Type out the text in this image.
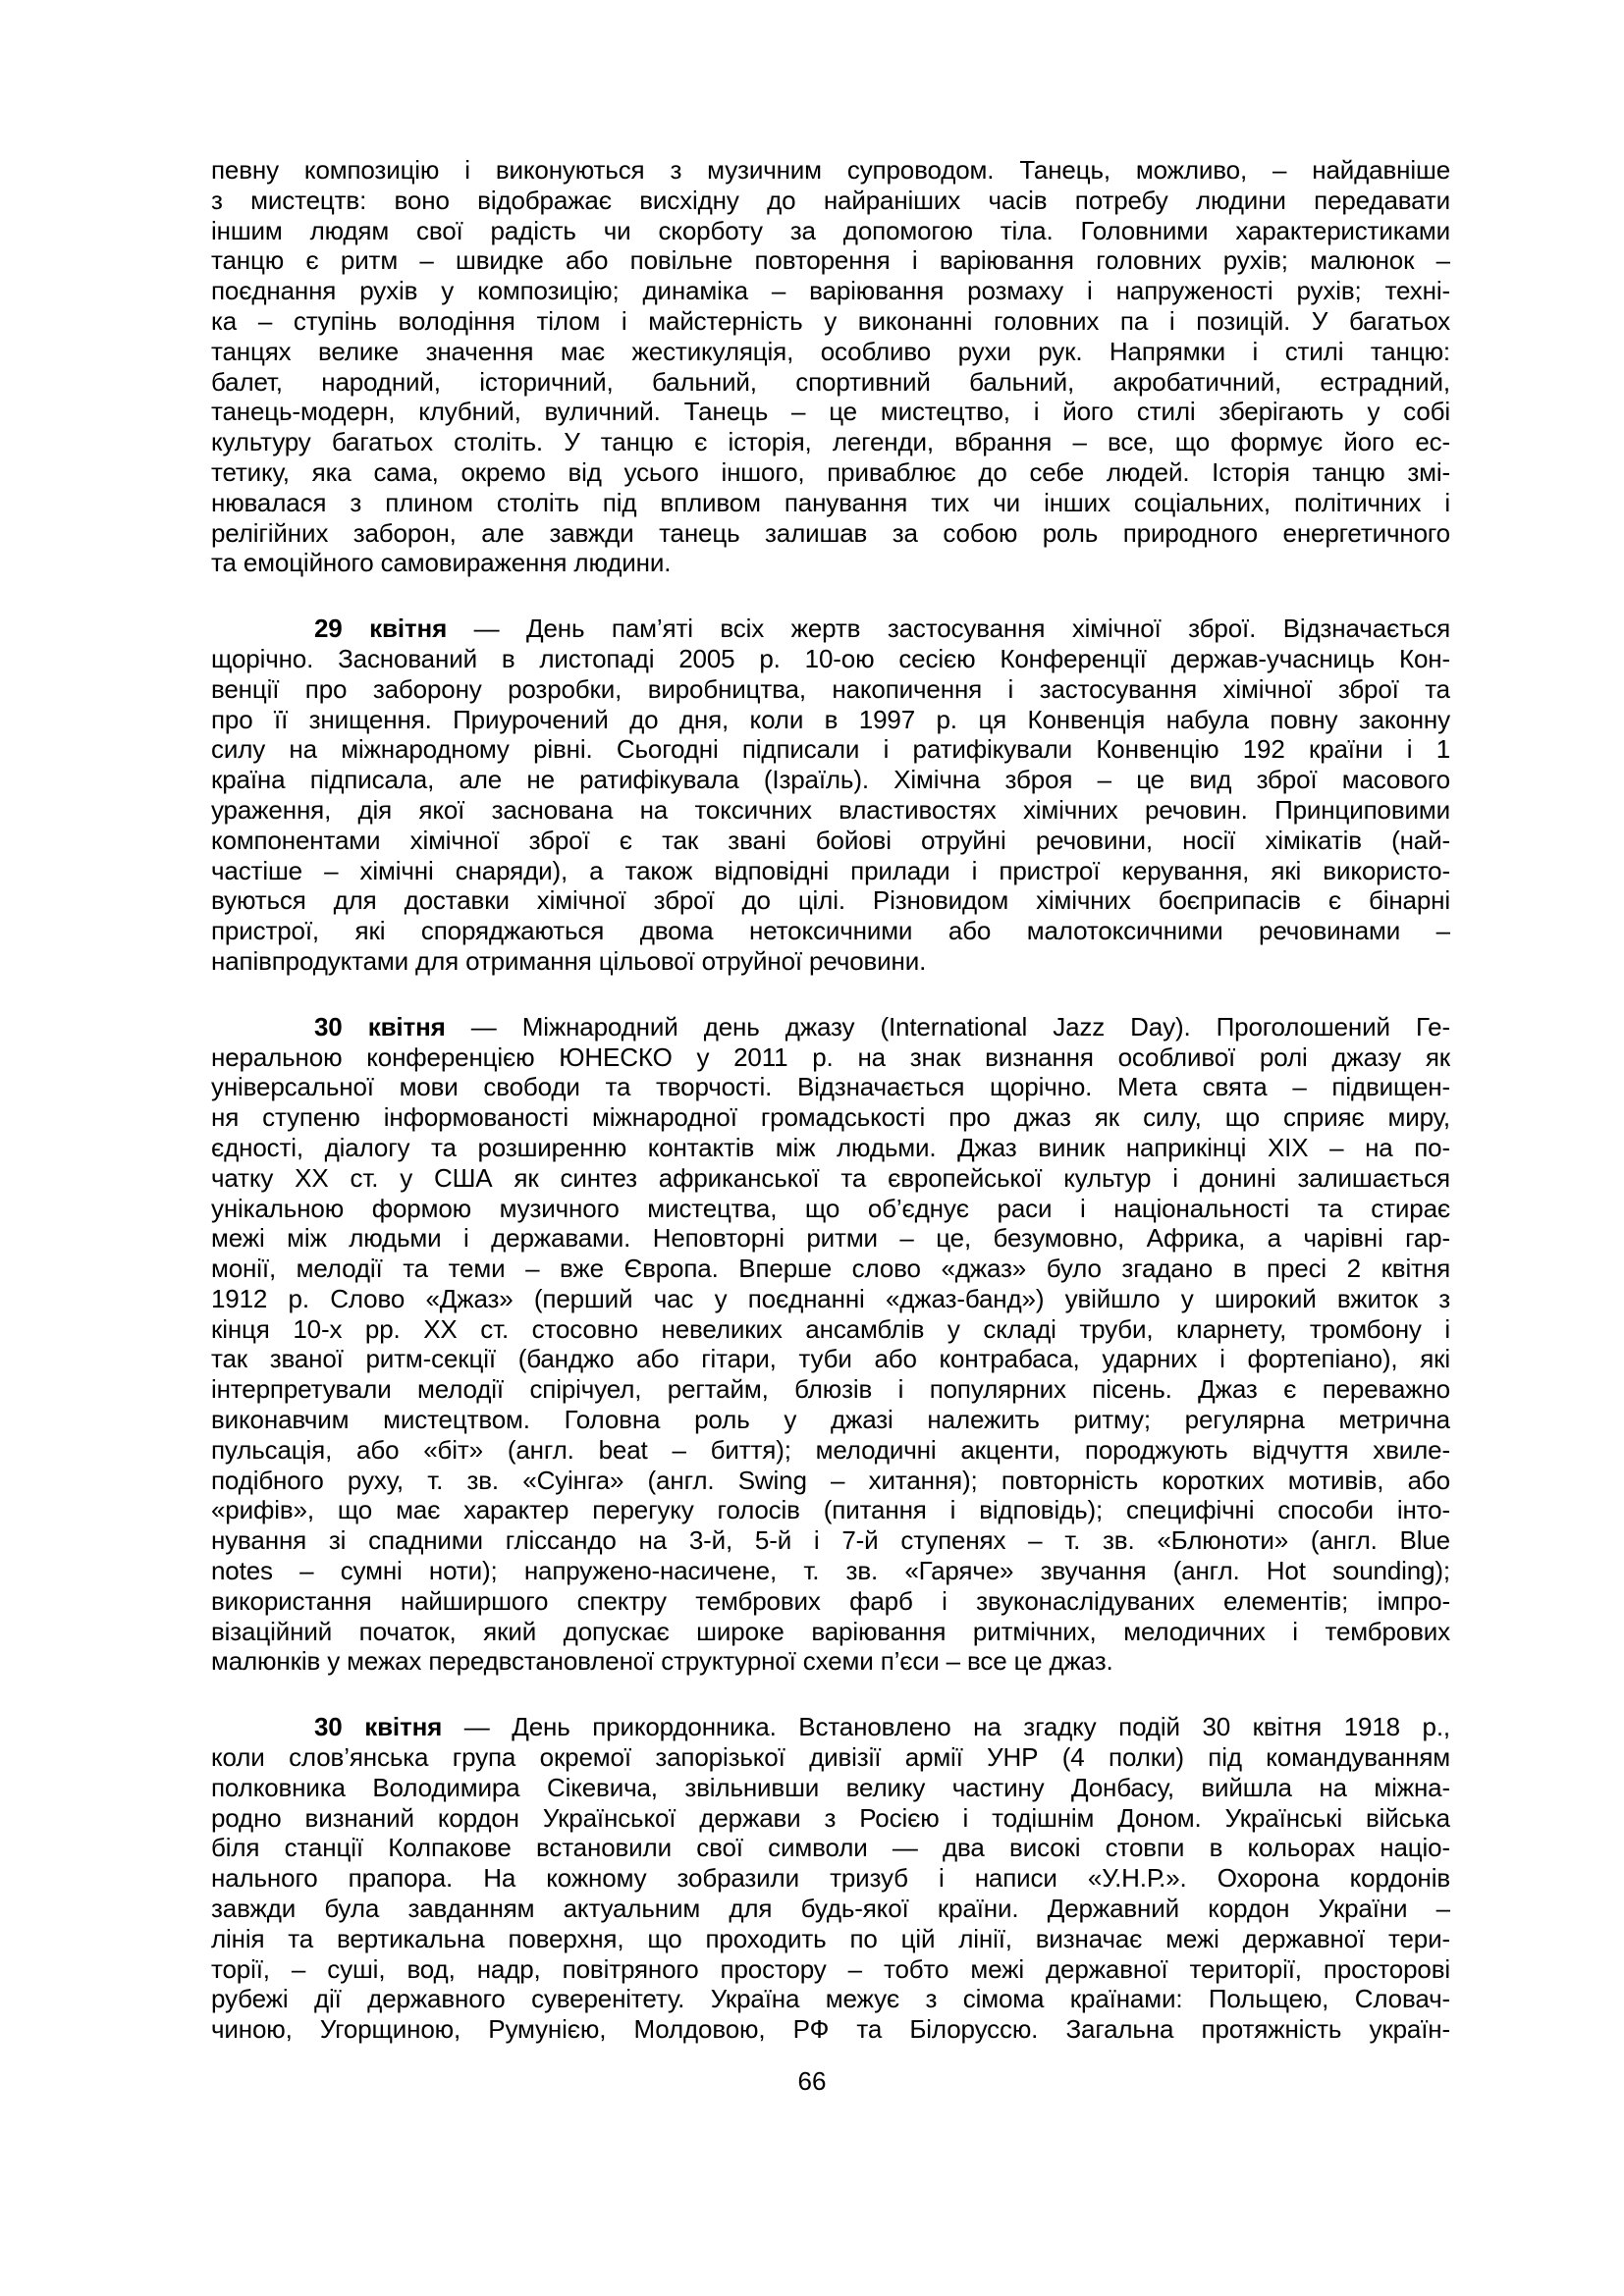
певну композицію і виконуються з музичним супроводом. Танець, можливо, – найдавніше
з мистецтв: воно відображає висхідну до найраніших часів потребу людини передавати
іншим людям свої радість чи скорботу за допомогою тіла. Головними характеристиками
танцю є ритм – швидке або повільне повторення і варіювання головних рухів; малюнок –
поєднання рухів у композицію; динаміка – варіювання розмаху і напруженості рухів; техні-
ка – ступінь володіння тілом і майстерність у виконанні головних па і позицій. У багатьох
танцях велике значення має жестикуляція, особливо рухи рук. Напрямки і стилі танцю:
балет, народний, історичний, бальний, спортивний бальний, акробатичний, естрадний,
танець-модерн, клубний, вуличний. Танець – це мистецтво, і його стилі зберігають у собі
культуру багатьох століть. У танцю є історія, легенди, вбрання – все, що формує його ес-
тетику, яка сама, окремо від усього іншого, приваблює до себе людей. Історія танцю змі-
нювалася з плином століть під впливом панування тих чи інших соціальних, політичних і
релігійних заборон, але завжди танець залишав за собою роль природного енергетичного
та емоційного самовираження людини.
29 квітня — День пам’яті всіх жертв застосування хімічної зброї. Відзначається
щорічно. Заснований в листопаді 2005 р. 10-ою сесією Конференції держав-учасниць Кон-
венції про заборону розробки, виробництва, накопичення і застосування хімічної зброї та
про її знищення. Приурочений до дня, коли в 1997 р. ця Конвенція набула повну законну
силу на міжнародному рівні. Сьогодні підписали і ратифікували Конвенцію 192 країни і 1
країна підписала, але не ратифікувала (Ізраїль). Хімічна зброя – це вид зброї масового
ураження, дія якої заснована на токсичних властивостях хімічних речовин. Принциповими
компонентами хімічної зброї є так звані бойові отруйні речовини, носії хімікатів (най-
частіше – хімічні снаряди), а також відповідні прилади і пристрої керування, які використо-
вуються для доставки хімічної зброї до цілі. Різновидом хімічних боєприпасів є бінарні
пристрої, які споряджаються двома нетоксичними або малотоксичними речовинами –
напівпродуктами для отримання цільової отруйної речовини.
30 квітня — Міжнародний день джазу (International Jazz Day). Проголошений Ге-
неральною конференцією ЮНЕСКО у 2011 р. на знак визнання особливої ролі джазу як
універсальної мови свободи та творчості. Відзначається щорічно. Мета свята – підвищен-
ня ступеню інформованості міжнародної громадськості про джаз як силу, що сприяє миру,
єдності, діалогу та розширенню контактів між людьми. Джаз виник наприкінці XIX – на по-
чатку XX ст. у США як синтез африканської та європейської культур і донині залишається
унікальною формою музичного мистецтва, що об’єднує раси і національності та стирає
межі між людьми і державами. Неповторні ритми – це, безумовно, Африка, а чарівні гар-
монії, мелодії та теми – вже Європа. Вперше слово «джаз» було згадано в пресі 2 квітня
1912 р. Слово «Джаз» (перший час у поєднанні «джаз-банд») увійшло у широкий вжиток з
кінця 10-х рр. XX ст. стосовно невеликих ансамблів у складі труби, кларнету, тромбону і
так званої ритм-секції (банджо або гітари, туби або контрабаса, ударних і фортепіано), які
інтерпретували мелодії спірічуел, регтайм, блюзів і популярних пісень. Джаз є переважно
виконавчим мистецтвом. Головна роль у джазі належить ритму; регулярна метрична
пульсація, або «біт» (англ. beat – биття); мелодичні акценти, породжують відчуття хвиле-
подібного руху, т. зв. «Суінга» (англ. Swing – хитання); повторність коротких мотивів, або
«рифів», що має характер перегуку голосів (питання і відповідь); специфічні способи інто-
нування зі спадними гліссандо на 3-й, 5-й і 7-й ступенях – т. зв. «Блюноти» (англ. Blue
notes – сумні ноти); напружено-насичене, т. зв. «Гаряче» звучання (англ. Hot sounding);
використання найширшого спектру тембрових фарб і звуконаслідуваних елементів; імпро-
візаційний початок, який допускає широке варіювання ритмічних, мелодичних і тембрових
малюнків у межах передвстановленої структурної схеми п’єси – все це джаз.
30 квітня — День прикордонника. Встановлено на згадку подій 30 квітня 1918 р.,
коли слов’янська група окремої запорізької дивізії армії УНР (4 полки) під командуванням
полковника Володимира Сікевича, звільнивши велику частину Донбасу, вийшла на міжна-
родно визнаний кордон Української держави з Росією і тодішнім Доном. Українські війська
біля станції Колпакове встановили свої символи — два високі стовпи в кольорах націо-
нального прапора. На кожному зобразили тризуб і написи «У.Н.Р.». Охорона кордонів
завжди була завданням актуальним для будь-якої країни. Державний кордон України –
лінія та вертикальна поверхня, що проходить по цій лінії, визначає межі державної тери-
торії, – суші, вод, надр, повітряного простору – тобто межі державної території, просторові
рубежі дії державного суверенітету. Україна межує з сімома країнами: Польщею, Словач-
чиною, Угорщиною, Румунією, Молдовою, РФ та Білоруссю. Загальна протяжність україн-
66
